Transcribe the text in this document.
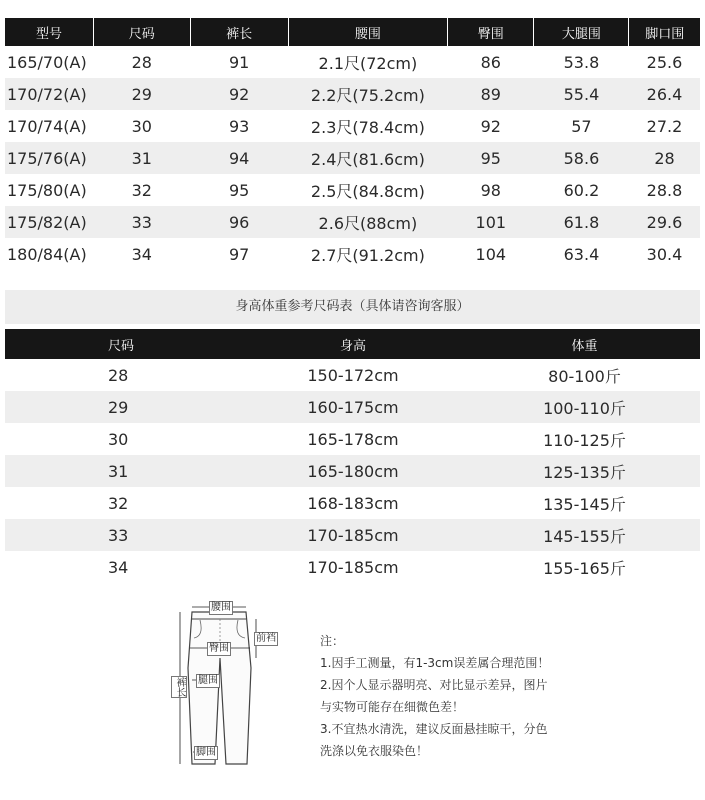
型号	尺码	裤长	腰围	臀围	大腿围	脚口围
165/70(A)	28	91	2.1尺(72cm)	86	53.8	25.6
170/72(A)	29	92	2.2尺(75.2cm)	89	55.4	26.4
170/74(A)	30	93	2.3尺(78.4cm)	92	57	27.2
175/76(A)	31	94	2.4尺(81.6cm)	95	58.6	28
175/80(A)	32	95	2.5尺(84.8cm)	98	60.2	28.8
175/82(A)	33	96	2.6尺(88cm)	101	61.8	29.6
180/84(A)	34	97	2.7尺(91.2cm)	104	63.4	30.4
身高体重参考尺码表（具体请咨询客服）
尺码	身高	体重
28	150-172cm	80-100斤
29	160-175cm	100-110斤
30	165-178cm	110-125斤
31	165-180cm	125-135斤
32	168-183cm	135-145斤
33	170-185cm	145-155斤
34	170-185cm	155-165斤
腰围
前裆
臀围
腿围
裤长
脚围
注：
1.因手工测量，有1-3cm误差属合理范围！
2.因个人显示器明亮、对比显示差异，图片
与实物可能存在细微色差！
3.不宜热水清洗，建议反面悬挂晾干，分色
洗涤以免衣服染色！
